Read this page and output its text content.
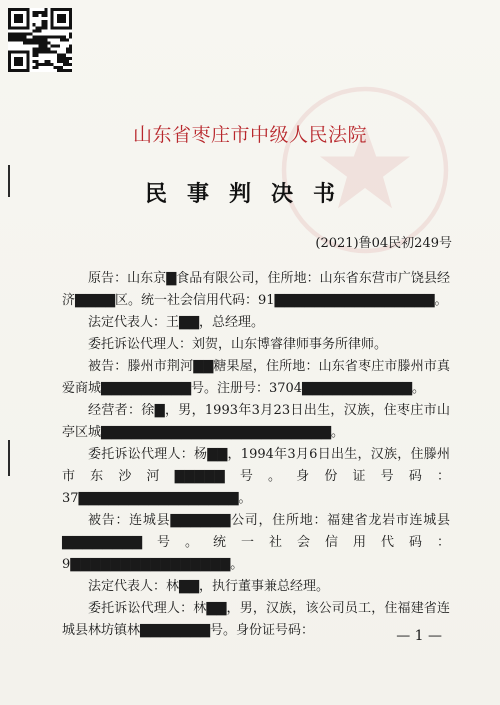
山东省枣庄市中级人民法院
民事判决书
(2021)鲁04民初249号

原告：山东京▇食品有限公司，住所地：山东省东营市广饶县经济▇▇▇▇区。统一社会信用代码：91▇▇▇▇▇▇▇▇▇▇▇▇▇▇▇▇。

法定代表人：王▇▇，总经理。

委托诉讼代理人：刘贺，山东博睿律师事务所律师。

被告：滕州市荆河▇▇糖果屋，住所地：山东省枣庄市滕州市真爱商城▇▇▇▇▇▇▇▇▇号。注册号：3704▇▇▇▇▇▇▇▇▇▇▇。

经营者：徐▇，男，1993年3月23日出生，汉族，住枣庄市山亭区城▇▇▇▇▇▇▇▇▇▇▇▇▇▇▇▇▇▇▇▇▇▇▇。

委托诉讼代理人：杨▇▇，1994年3月6日出生，汉族，住滕州市东沙河▇▇▇▇▇号。身份证号码：37▇▇▇▇▇▇▇▇▇▇▇▇▇▇▇▇。

被告：连城县▇▇▇▇▇▇公司，住所地：福建省龙岩市连城县▇▇▇▇▇▇▇▇号。统一社会信用代码：9▇▇▇▇▇▇▇▇▇▇▇▇▇▇▇▇。

法定代表人：林▇▇，执行董事兼总经理。

委托诉讼代理人：林▇▇，男，汉族，该公司员工，住福建省连城县林坊镇林▇▇▇▇▇▇▇号。身份证号码：	— 1 —
